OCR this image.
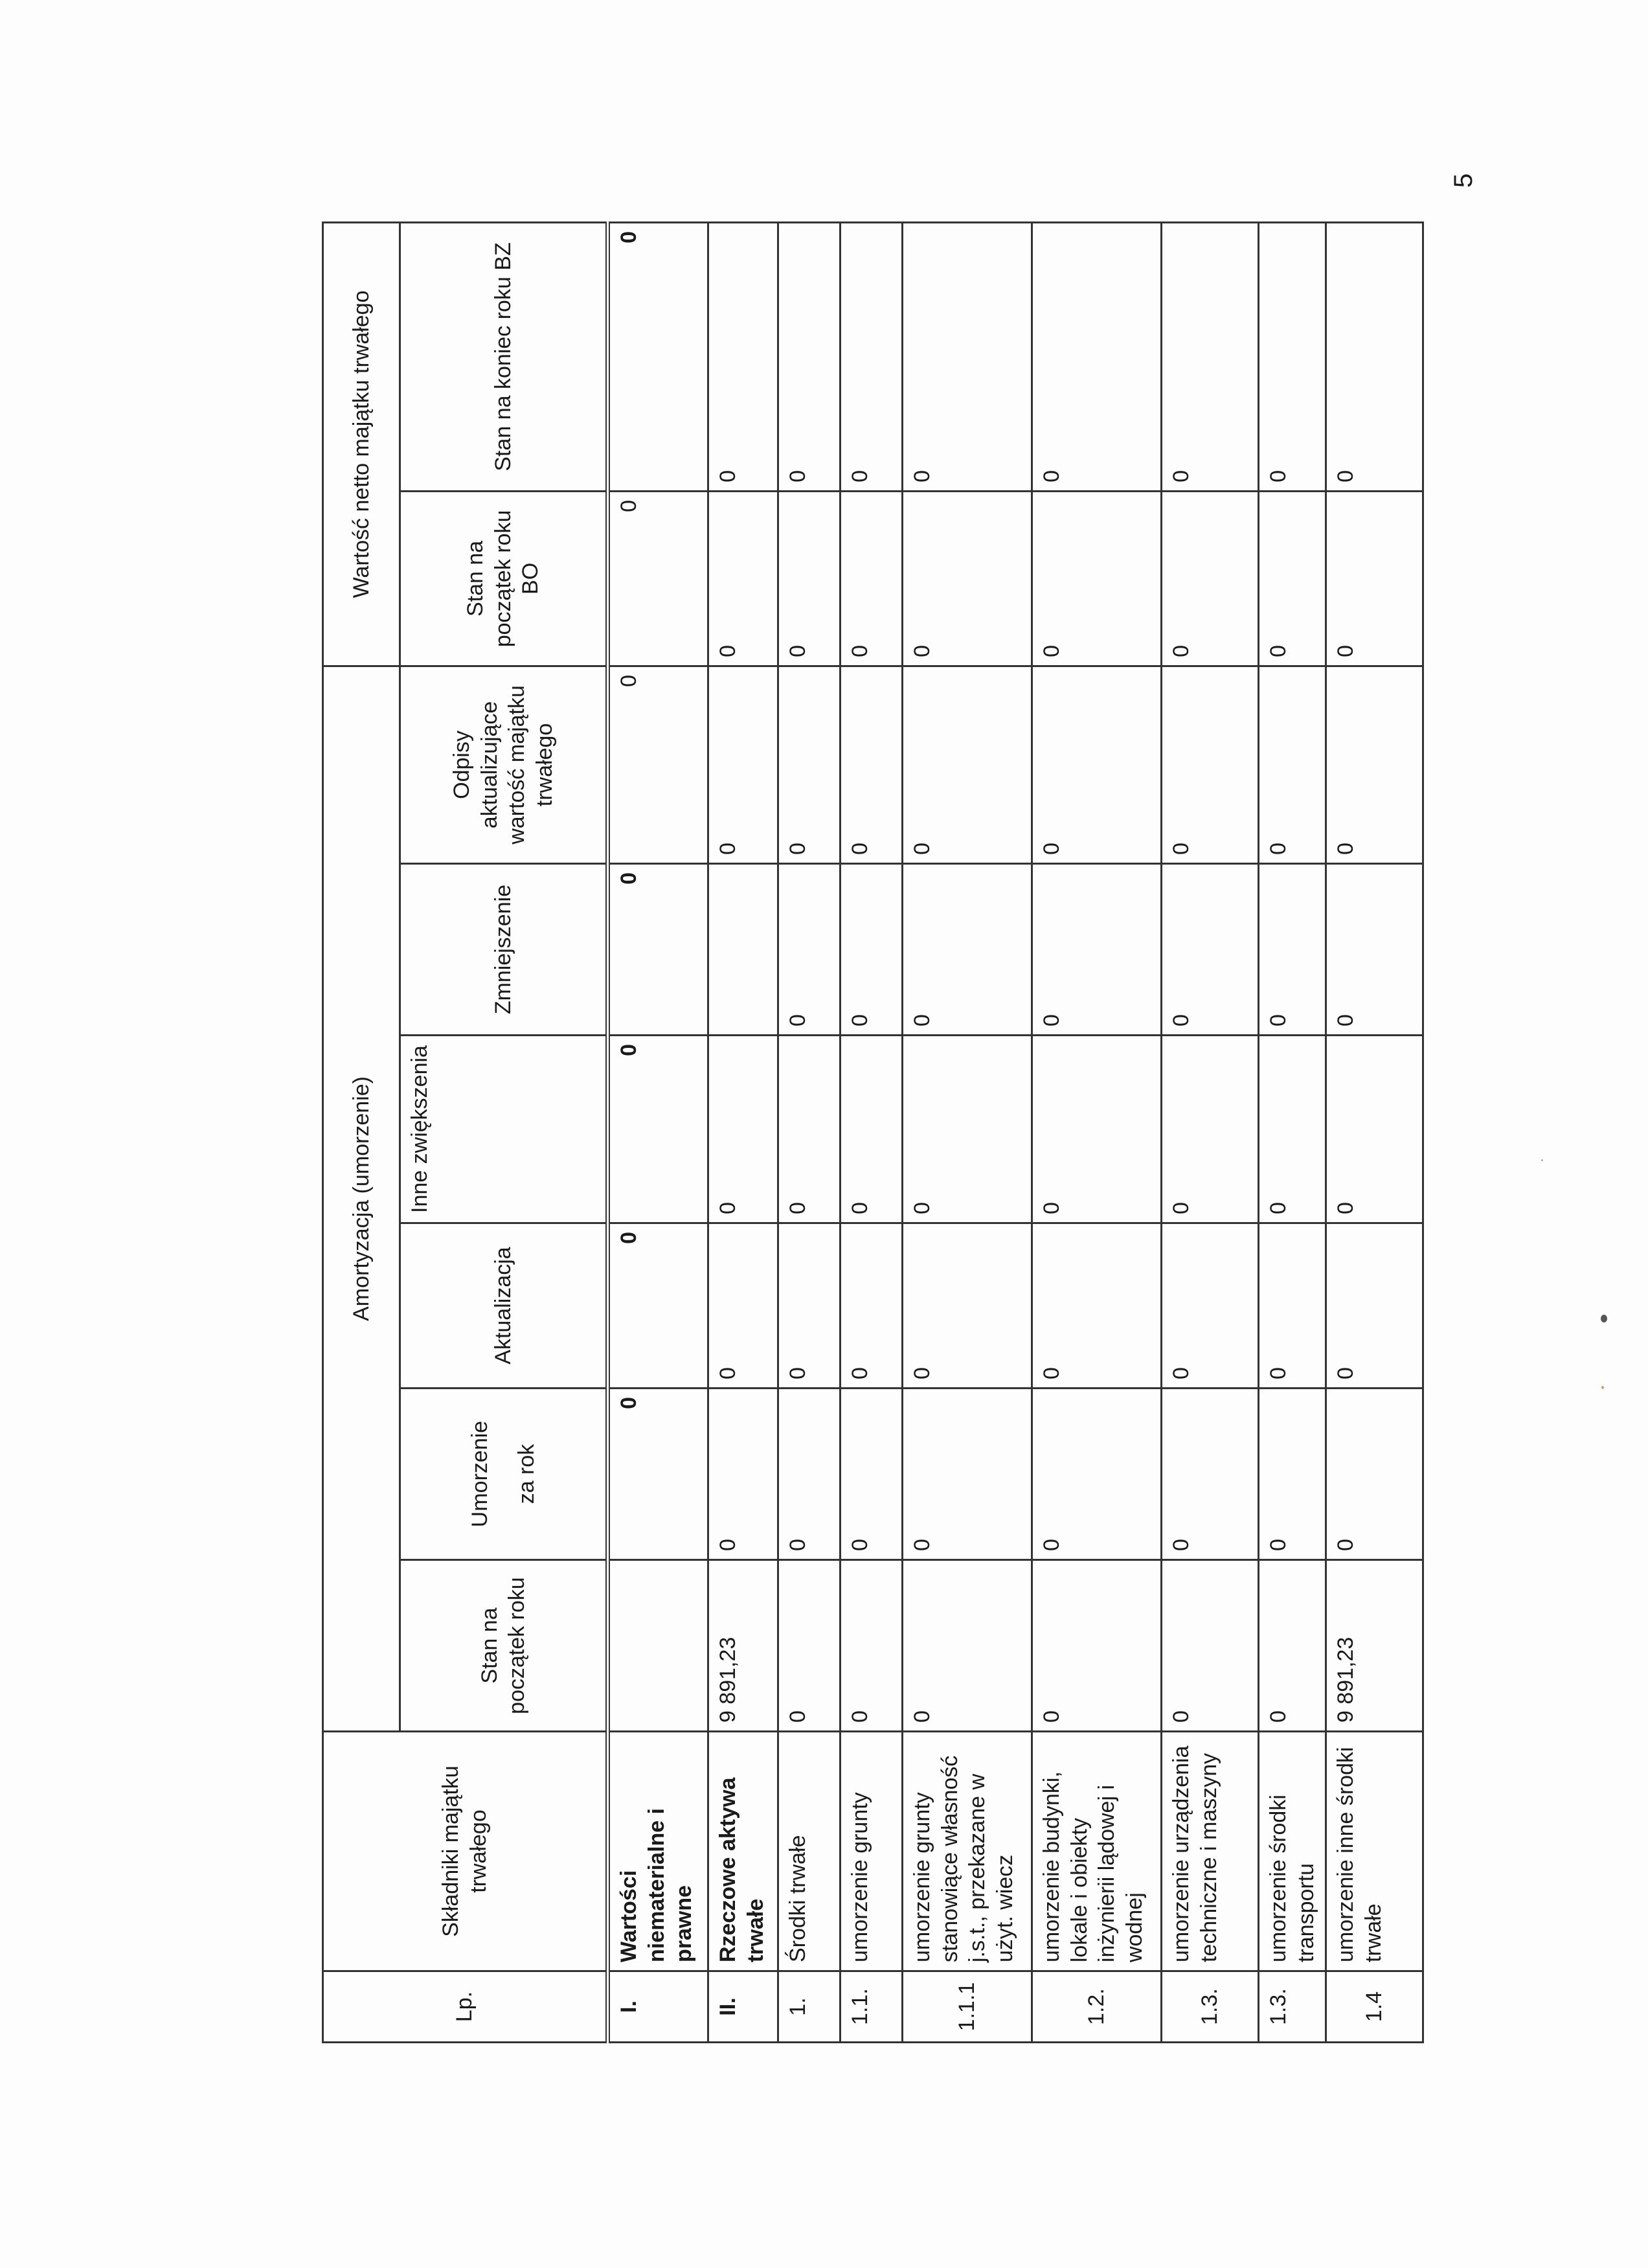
5
Lp.	Składniki majątku trwałego	Amortyzacja (umorzenie)						Wartość netto majątku trwałego	
		Stan na początek roku	Umorzenie za rok	Aktualizacja	Inne zwiększenia	Zmniejszenie	Odpisy aktualizujące wartość majątku trwałego	Stan na początek roku BO	Stan na koniec roku BZ
I.	Wartości niematerialne i prawne		0	0	0	0	0	0	0
II.	Rzeczowe aktywa trwałe	9 891,23	0	0	0		0	0	0
1.	Środki trwałe	0	0	0	0	0	0	0	0
1.1.	umorzenie grunty	0	0	0	0	0	0	0	0
1.1.1	umorzenie grunty stanowiące własność j.s.t., przekazane w użyt. wiecz	0	0	0	0	0	0	0	0
1.2.	umorzenie budynki, lokale i obiekty inżynierii lądowej i wodnej	0	0	0	0	0	0	0	0
1.3.	umorzenie urządzenia techniczne i maszyny	0	0	0	0	0	0	0	0
1.3.	umorzenie środki transportu	0	0	0	0	0	0	0	0
1.4	umorzenie inne środki trwałe	9 891,23	0	0	0	0	0	0	0
